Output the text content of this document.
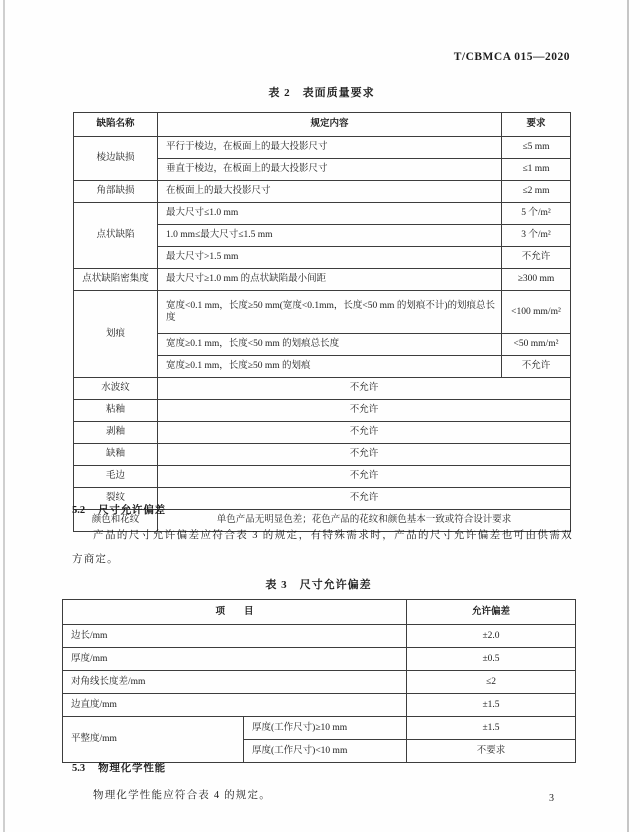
T/CBMCA 015—2020
表 2　表面质量要求
缺陷名称	规定内容	要求
棱边缺损	平行于棱边，在板面上的最大投影尺寸	≤5 mm
	垂直于棱边，在板面上的最大投影尺寸	≤1 mm
角部缺损	在板面上的最大投影尺寸	≤2 mm
点状缺陷	最大尺寸≤1.0 mm	5 个/m²
	1.0 mm≤最大尺寸≤1.5 mm	3 个/m²
	最大尺寸>1.5 mm	不允许
点状缺陷密集度	最大尺寸≥1.0 mm 的点状缺陷最小间距	≥300 mm
划痕	宽度<0.1 mm，长度≥50 mm(宽度<0.1mm，长度<50 mm 的划痕不计)的划痕总长度	<100 mm/m²
	宽度≥0.1 mm，长度<50 mm 的划痕总长度	<50 mm/m²
	宽度≥0.1 mm，长度≥50 mm 的划痕	不允许
水波纹	不允许	
粘釉	不允许	
剥釉	不允许	
缺釉	不允许	
毛边	不允许	
裂纹	不允许	
颜色和花纹	单色产品无明显色差；花色产品的花纹和颜色基本一致或符合设计要求	
5.2 尺寸允许偏差

产品的尺寸允许偏差应符合表 3 的规定，有特殊需求时，产品的尺寸允许偏差也可由供需双方商定。

表 3　尺寸允许偏差
项　　目		允许偏差
边长/mm		±2.0
厚度/mm		±0.5
对角线长度差/mm		≤2
边直度/mm		±1.5
平整度/mm	厚度(工作尺寸)≥10 mm	±1.5
	厚度(工作尺寸)<10 mm	不要求
5.3 物理化学性能

物理化学性能应符合表 4 的规定。	3
